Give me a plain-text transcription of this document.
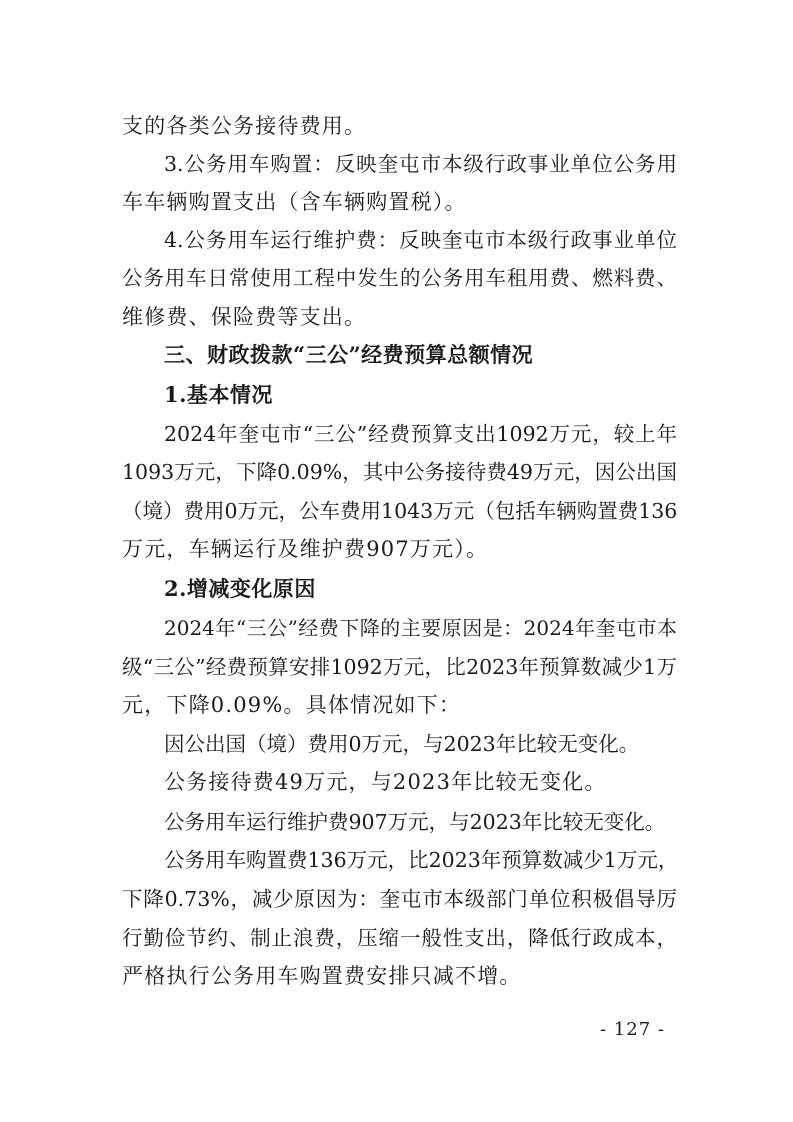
支的各类公务接待费用。
3.公务用车购置：反映奎屯市本级行政事业单位公务用
车车辆购置支出（含车辆购置税）。
4.公务用车运行维护费：反映奎屯市本级行政事业单位
公务用车日常使用工程中发生的公务用车租用费、燃料费、
维修费、保险费等支出。
三、财政拨款“三公”经费预算总额情况
1.基本情况
2024年奎屯市“三公”经费预算支出1092万元，较上年
1093万元，下降0.09%，其中公务接待费49万元，因公出国
（境）费用0万元，公车费用1043万元（包括车辆购置费136
万元，车辆运行及维护费907万元）。
2.增减变化原因
2024年“三公”经费下降的主要原因是：2024年奎屯市本
级“三公”经费预算安排1092万元，比2023年预算数减少1万
元，下降0.09%。具体情况如下：
因公出国（境）费用0万元，与2023年比较无变化。
公务接待费49万元，与2023年比较无变化。
公务用车运行维护费907万元，与2023年比较无变化。
公务用车购置费136万元，比2023年预算数减少1万元，
下降0.73%，减少原因为：奎屯市本级部门单位积极倡导厉
行勤俭节约、制止浪费，压缩一般性支出，降低行政成本，
严格执行公务用车购置费安排只减不增。
- 127 -
